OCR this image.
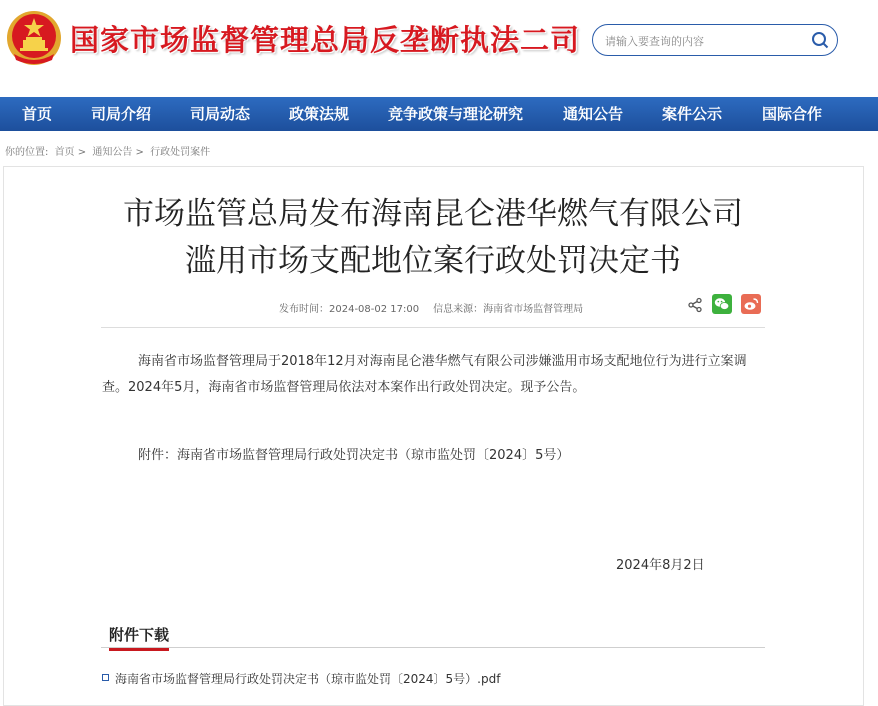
国家市场监督管理总局反垄断执法二司
请输入要查询的内容
首页	司局介绍	司局动态	政策法规	竞争政策与理论研究	通知公告	案件公示	国际合作
你的位置: 首页 > 通知公告 > 行政处罚案件
市场监管总局发布海南昆仑港华燃气有限公司
滥用市场支配地位案行政处罚决定书
发布时间：2024-08-02 17:00 信息来源：海南省市场监督管理局
海南省市场监督管理局于2018年12月对海南昆仑港华燃气有限公司涉嫌滥用市场支配地位行为进行立案调查。2024年5月，海南省市场监督管理局依法对本案作出行政处罚决定。现予公告。
附件：海南省市场监督管理局行政处罚决定书（琼市监处罚〔2024〕5号）
2024年8月2日
附件下载
海南省市场监督管理局行政处罚决定书（琼市监处罚〔2024〕5号）.pdf
